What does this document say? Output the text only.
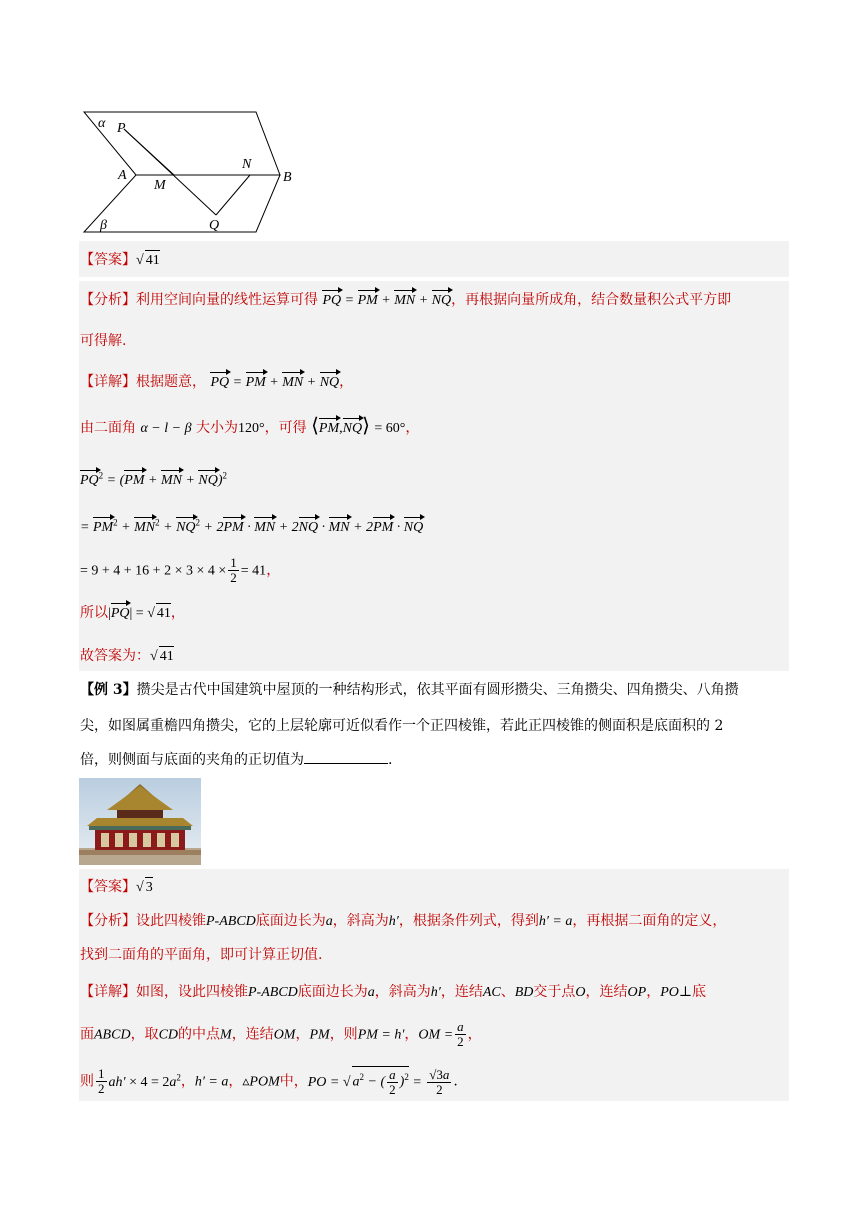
α P
A
M
N
B
β	Q
【答案】√ 41
【分析】利用空间向量的线性运算可得 PQ = PM + MN + NQ，再根据向量所成角，结合数量积公式平方即
可得解.
【详解】根据题意， PQ = PM + MN + NQ，
由二面角 α − l − β 大小为120°，可得 ⟨PM,NQ⟩ = 60°，
$PQ^2 = (PM$ + MN + NQ)$^2$
= $PM^2 + MN^2 + NQ^2 + 2PM$ · MN + 2NQ · MN + 2PM · NQ
= $9 + 4 + 16 + 2 \times 3 \times 4 \times \frac{1}{2} = 41$，
所以|PQ| = √ 41，
故答案为：√ 41
【例 3】攒尖是古代中国建筑中屋顶的一种结构形式，依其平面有圆形攒尖、三角攒尖、四角攒尖、八角攒
尖，如图属重檐四角攒尖，它的上层轮廓可近似看作一个正四棱锥，若此正四棱锥的侧面积是底面积的 2
倍，则侧面与底面的夹角的正切值为	.
【答案】√ 3
【分析】设此四棱锥P-ABCD底面边长为a，斜高为h′，根据条件列式，得到h′ = a，再根据二面角的定义，
找到二面角的平面角，即可计算正切值.
【详解】如图，设此四棱锥P-ABCD底面边长为a，斜高为h′，连结AC、BD交于点O，连结OP，PO⊥底
面ABCD，取CD的中点M，连结OM，PM，则PM = h′，OM = $\frac{a}{2}$ ，
则 $\frac{1}{2} ah' \times 4 = 2a^2$，h′ = a，▵POM中，PO = √ $a^2$ − ( $\frac{a}{2} )^2 = \frac{√3a}{2}$ .
